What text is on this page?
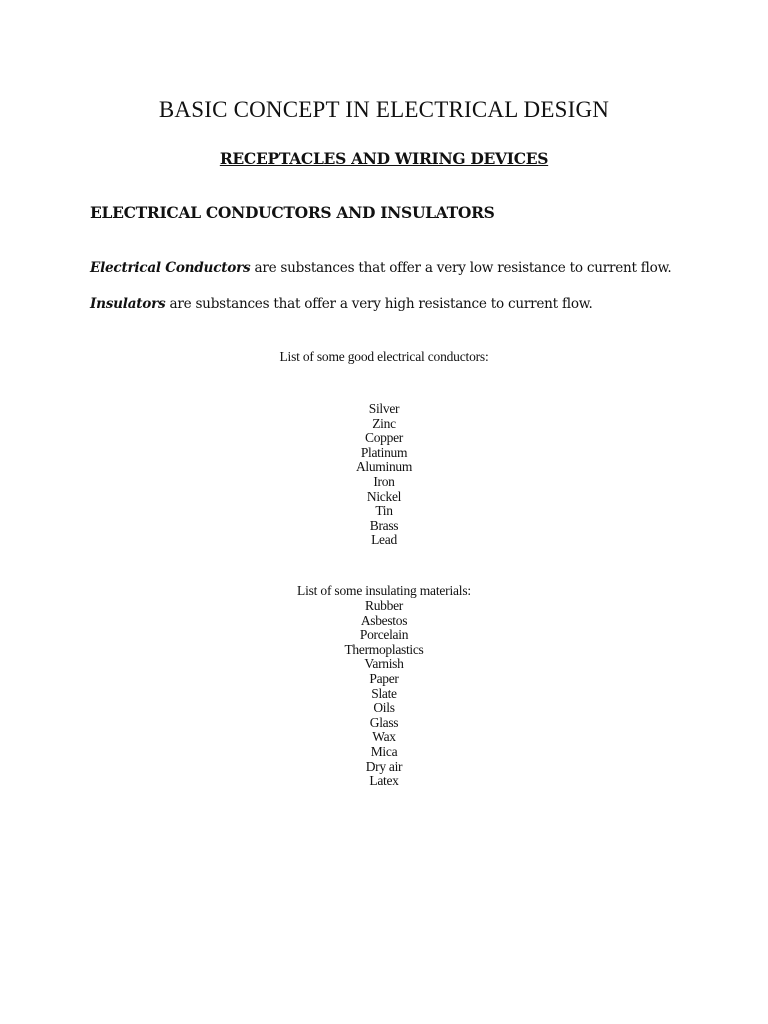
BASIC CONCEPT IN ELECTRICAL DESIGN
RECEPTACLES AND WIRING DEVICES
ELECTRICAL CONDUCTORS AND INSULATORS
Electrical Conductors are substances that offer a very low resistance to current flow.
Insulators are substances that offer a very high resistance to current flow.
List of some good electrical conductors:
Silver
Zinc
Copper
Platinum
Aluminum
Iron
Nickel
Tin
Brass
Lead
List of some insulating materials:
Rubber
Asbestos
Porcelain
Thermoplastics
Varnish
Paper
Slate
Oils
Glass
Wax
Mica
Dry air
Latex
